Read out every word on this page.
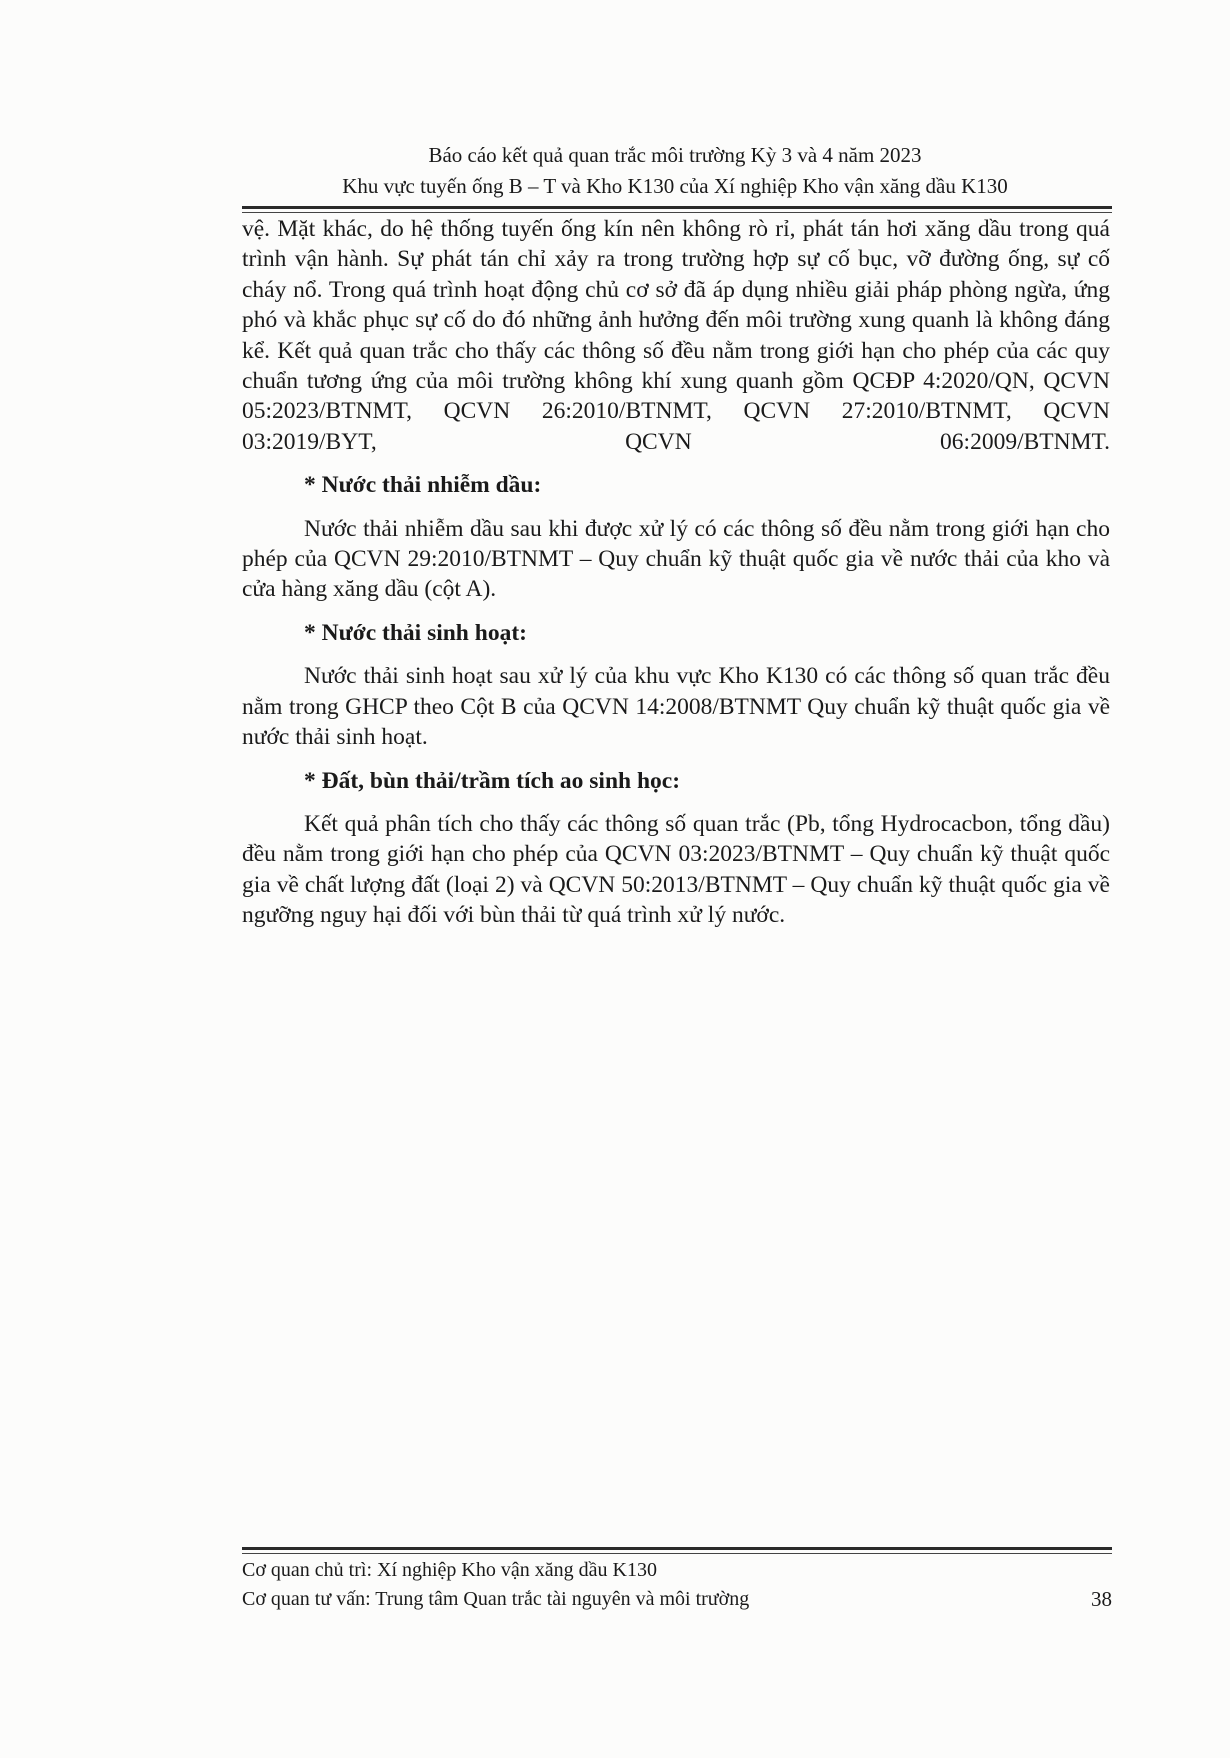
Báo cáo kết quả quan trắc môi trường Kỳ 3 và 4 năm 2023
Khu vực tuyến ống B – T và Kho K130 của Xí nghiệp Kho vận xăng dầu K130

vệ. Mặt khác, do hệ thống tuyến ống kín nên không rò rỉ, phát tán hơi xăng dầu trong quá trình vận hành. Sự phát tán chỉ xảy ra trong trường hợp sự cố bục, vỡ đường ống, sự cố cháy nổ. Trong quá trình hoạt động chủ cơ sở đã áp dụng nhiều giải pháp phòng ngừa, ứng phó và khắc phục sự cố do đó những ảnh hưởng đến môi trường xung quanh là không đáng kể. Kết quả quan trắc cho thấy các thông số đều nằm trong giới hạn cho phép của các quy chuẩn tương ứng của môi trường không khí xung quanh gồm QCĐP 4:2020/QN, QCVN 05:2023/BTNMT, QCVN 26:2010/BTNMT, QCVN 27:2010/BTNMT, QCVN 03:2019/BYT, QCVN 06:2009/BTNMT.

* Nước thải nhiễm dầu:

Nước thải nhiễm dầu sau khi được xử lý có các thông số đều nằm trong giới hạn cho phép của QCVN 29:2010/BTNMT – Quy chuẩn kỹ thuật quốc gia về nước thải của kho và cửa hàng xăng dầu (cột A).

* Nước thải sinh hoạt:

Nước thải sinh hoạt sau xử lý của khu vực Kho K130 có các thông số quan trắc đều nằm trong GHCP theo Cột B của QCVN 14:2008/BTNMT Quy chuẩn kỹ thuật quốc gia về nước thải sinh hoạt.

* Đất, bùn thải/trầm tích ao sinh học:

Kết quả phân tích cho thấy các thông số quan trắc (Pb, tổng Hydrocacbon, tổng dầu) đều nằm trong giới hạn cho phép của QCVN 03:2023/BTNMT – Quy chuẩn kỹ thuật quốc gia về chất lượng đất (loại 2) và QCVN 50:2013/BTNMT – Quy chuẩn kỹ thuật quốc gia về ngưỡng nguy hại đối với bùn thải từ quá trình xử lý nước.

Cơ quan chủ trì: Xí nghiệp Kho vận xăng dầu K130
Cơ quan tư vấn: Trung tâm Quan trắc tài nguyên và môi trường	38
